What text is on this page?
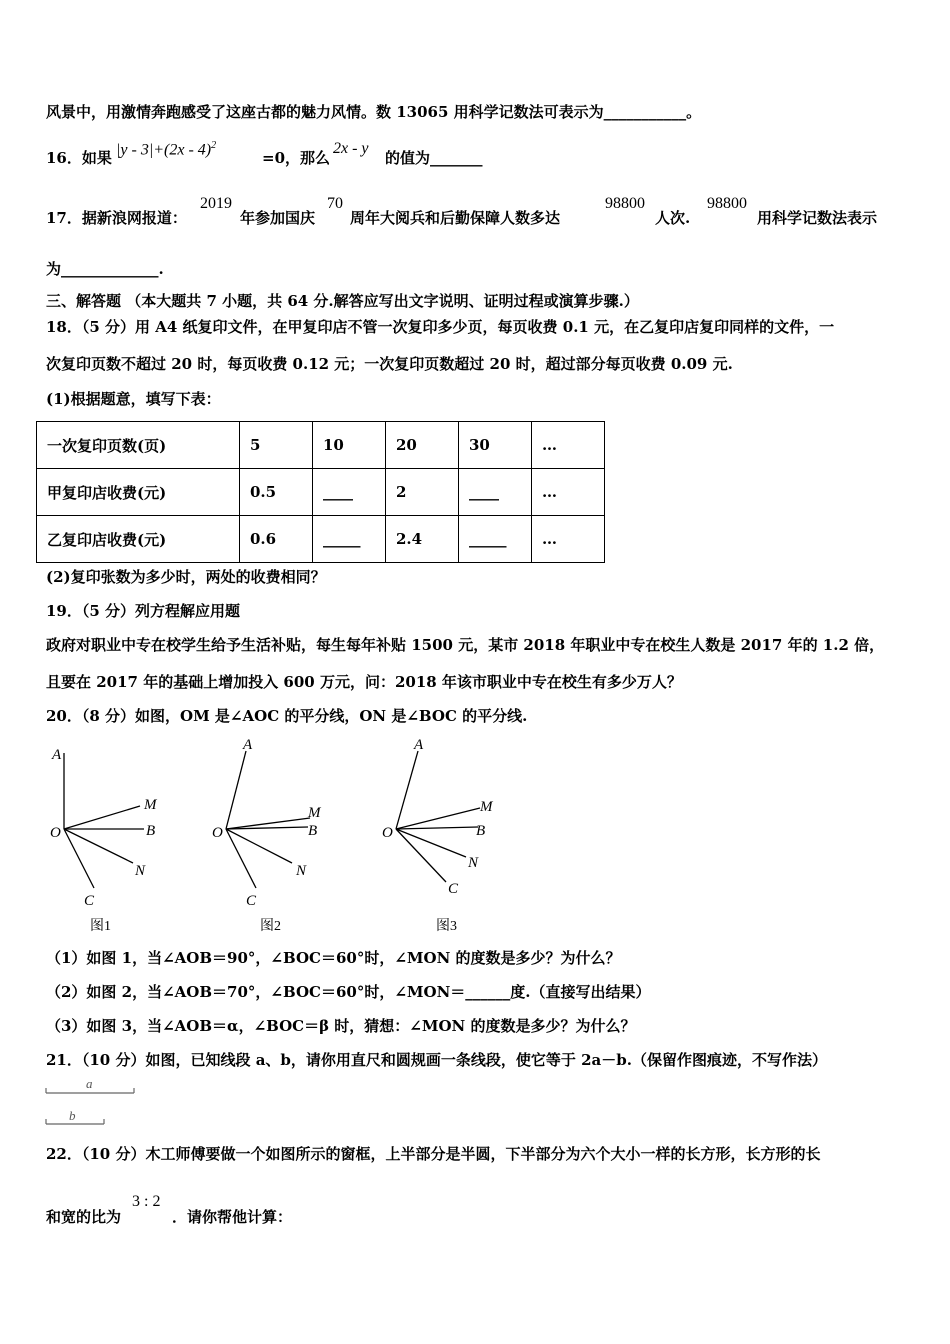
风景中，用激情奔跑感受了这座古都的魅力风情。数 13065 用科学记数法可表示为___________。
16．如果 |y - 3|+(2x - 4)$^2$
=0，那么
2x - y
的值为_______
17．据新浪网报道：
2019
年参加国庆
70
周年大阅兵和后勤保障人数多达
98800
人次.
98800
用科学记数法表示
为_____________.
三、解答题 （本大题共 7 小题，共 64 分.解答应写出文字说明、证明过程或演算步骤.）
18．（5 分）用 A4 纸复印文件，在甲复印店不管一次复印多少页，每页收费 0.1 元，在乙复印店复印同样的文件，一
次复印页数不超过 20 时，每页收费 0.12 元；一次复印页数超过 20 时，超过部分每页收费 0.09 元.
(1)根据题意，填写下表：
一次复印页数(页)	5	10	20	30	…
甲复印店收费(元)	0.5	____	2	____	…
乙复印店收费(元)	0.6	_____	2.4	_____	…
(2)复印张数为多少时，两处的收费相同？
19．（5 分）列方程解应用题
政府对职业中专在校学生给予生活补贴，每生每年补贴 1500 元，某市 2018 年职业中专在校生人数是 2017 年的 1.2 倍，
且要在 2017 年的基础上增加投入 600 万元，问：2018 年该市职业中专在校生有多少万人？
20．（8 分）如图，OM 是∠AOC 的平分线，ON 是∠BOC 的平分线.
A
M
B
O
N
C
图1
A
M
B
O
N
C
图2
A
M
B
O
N
C
图3
（1）如图 1，当∠AOB＝90°，∠BOC＝60°时，∠MON 的度数是多少？为什么？
（2）如图 2，当∠AOB＝70°，∠BOC＝60°时，∠MON＝______度.（直接写出结果）
（3）如图 3，当∠AOB＝α，∠BOC＝β 时，猜想：∠MON 的度数是多少？为什么？
21．（10 分）如图，已知线段 a、b，请你用直尺和圆规画一条线段，使它等于 2a－b.（保留作图痕迹，不写作法）
a
b
22．（10 分）木工师傅要做一个如图所示的窗框，上半部分是半圆，下半部分为六个大小一样的长方形，长方形的长
和宽的比为
3 : 2
．请你帮他计算：
